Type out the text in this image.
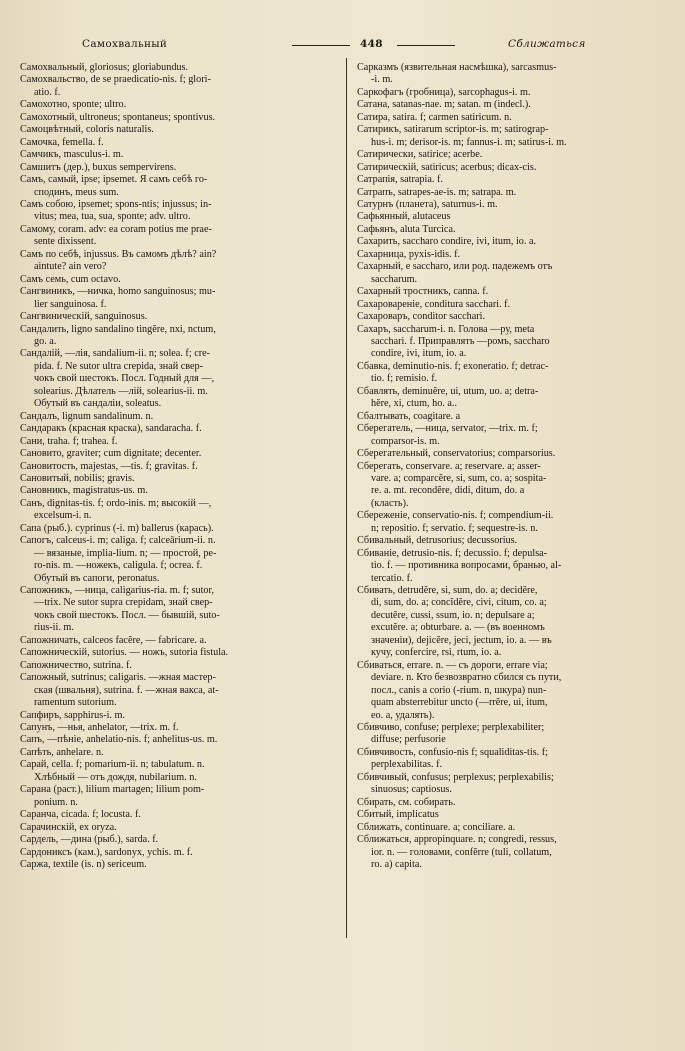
Самохвальный	448	Сближаться
Самохвальный, gloriosus; gloriabundus.
Самохвальство, de se praedicatio-nis. f; glori-
atio. f.
Самохотно, sponte; ultro.
Самохотный, ultroneus; spontaneus; spontivus.
Самоцвѣтный, coloris naturalis.
Самочка, femella. f.
Самчикъ, masculus-i. m.
Самшитъ (дер.), buxus sempervirens.
Самъ, самый, ipse; ipsemet. Я самъ себѣ го-
сподинъ, meus sum.
Самъ собою, ipsemet; spons-ntis; injussus; in-
vitus; mea, tua, sua, sponte; adv. ultro.
Самому, coram. adv: ea coram potius me prae-
sente dixissent.
Самъ по себѣ, injussus. Въ самомъ дѣлѣ? ain?
aintute? ain vero?
Самъ семь, cum octavo.
Сангвиникъ, —ничка, homo sanguinosus; mu-
lier sanguinosa. f.
Сангвиническій, sanguinosus.
Сандалить, ligno sandalino tingĕre, nxi, nctum,
go. a.
Сандалій, —лія, sandalium-ii. n; solea. f; cre-
pida. f. Ne sutor ultra crepida, знай свер-
чокъ свой шестокъ. Посл. Годный для —,
solearius. Дѣлатель —лій, solearius-ii. m.
Обутый въ сандаліи, soleatus.
Сандалъ, lignum sandalinum. n.
Сандаракъ (красная краска), sandaracha. f.
Сани, traha. f; trahea. f.
Сановито, graviter; cum dignitate; decenter.
Сановитость, majestas, —tis. f; gravitas. f.
Сановитый, nobilis; gravis.
Сановникъ, magistratus-us. m.
Санъ, dignitas-tis. f; ordo-inis. m; высокій —,
excelsum-i. n.
Сапа (рыб.). cyprinus (-i. m) ballerus (карась).
Сапогъ, calceus-i. m; caliga. f; calceārium-ii. n.
— вязаные, implia-lium. n; — простой, pe-
ro-nis. m. —ножекъ, caligula. f; ocrea. f.
Обутый въ сапоги, peronatus.
Сапожникъ, —ница, caligarius-ria. m. f; sutor,
—trix. Ne sutor supra crepidam, знай свер-
чокъ свой шестокъ. Посл. — бывшій, suto-
rius-ii. m.
Сапожничать, calceos facĕre, — fabricare. a.
Сапожническій, sutorius. — ножъ, sutoria fistula.
Сапожничество, sutrina. f.
Сапожный, sutrinus; caligaris. —жная мастер-
ская (швальня), sutrina. f. —жная вакса, at-
ramentum sutorium.
Сапфиръ, sapphirus-i. m.
Сапунъ, —нья, anhelator, —trix. m. f.
Сапъ, —пѣніе, anhelatio-nis. f; anhelitus-us. m.
Сапѣть, anhelare. n.
Сарай, cella. f; pomarium-ii. n; tabulatum. n.
Хлѣбный — отъ дождя, nubilarium. n.
Сарана (раст.), lilium martagen; lilium pom-
ponium. n.
Саранча, cicada. f; locusta. f.
Сарачинскій, ex oryza.
Сардель, —дина (рыб.), sarda. f.
Сардониксъ (кам.), sardonyx, ychis. m. f.
Саржа, textile (is. n) sericeum.
Сарказмъ (язвительная насмѣшка), sarcasmus-
-i. m.
Саркофагъ (гробница), sarcophagus-i. m.
Сатана, satanas-nae. m; satan. m (indecl.).
Сатира, satira. f; carmen satiricum. n.
Сатирикъ, satirarum scriptor-is. m; satirograp-
hus-i. m; derisor-is. m; fannus-i. m; satirus-i. m.
Сатирически, satirice; acerbe.
Сатирическій, satiricus; acerbus; dicax-cis.
Сатрапія, satrapia. f.
Сатрапъ, satrapes-ae-is. m; satrapa. m.
Сатурнъ (планета), saturnus-i. m.
Сафьянный, alutaceus
Сафьянъ, aluta Turcica.
Сахарить, saccharo condire, ivi, itum, io. a.
Сахарница, pyxis-idis. f.
Сахарный, e saccharo, или род. падежемъ отъ
saccharum.
Сахарный тростникъ, canna. f.
Сахароваренie, conditura sacchari. f.
Сахароваръ, conditor sacchari.
Сахаръ, saccharum-i. n. Голова —ру, meta
sacchari. f. Приправлять —ромъ, saccharo
condire, ivi, itum, io. a.
Сбавка, deminutio-nis. f; exoneratio. f; detrac-
tio. f; remisio. f.
Сбавлять, deminuĕre, ui, utum, uo. a; detra-
hĕre, xi, ctum, ho. a..
Сбалтывать, coagitare. a
Сберегатель, —ница, servator, —trix. m. f;
comparsor-is. m.
Сберегательный, conservatorius; comparsorius.
Сберегать, conservare. a; reservare. a; asser-
vare. a; comparcĕre, si, sum, co. a; sospita-
re. a. mt. recondĕre, didi, ditum, do. a
(класть).
Сбереженіе, conservatio-nis. f; compendium-ii.
n; repositio. f; servatio. f; sequestre-is. n.
Сбивальный, detrusorius; decussorius.
Сбиваніе, detrusio-nis. f; decussio. f; depulsa-
tio. f. — противника вопросами, бранью, al-
tercatio. f.
Сбивать, detrudĕre, si, sum, do. a; decidĕre,
di, sum, do. a; concĭdĕre, civi, citum, co. a;
decutĕre, cussi, ssum, io. n; depulsare a;
excutĕre. a; obturbare. a. — (въ военномъ
значеніи), dejicĕre, jeci, jectum, io. a. — въ
кучу, confercire, rsi, rtum, io. a.
Сбиваться, errare. n. — съ дороги, errare via;
deviare. n. Кто безвозвратно сбился съ пути,
посл., canis a corio (-rium. n, шкура) nun-
quam absterrebitur uncto (—rrĕre, ui, itum,
eo. a, удалять).
Сбивчиво, confuse; perplexe; perplexabiliter;
diffuse; perfusorie
Сбивчивость, confusio-nis f; squaliditas-tis. f;
perplexabilitas. f.
Сбивчивый, confusus; perplexus; perplexabilis;
sinuosus; captiosus.
Сбирать, см. собирать.
Сбитый, implicatus
Сближать, continuare. a; conciliare. a.
Сближаться, appropinquare. n; congredi, ressus,
ior. n. — головами, confĕrre (tuli, collatum,
ro. a) capita.
